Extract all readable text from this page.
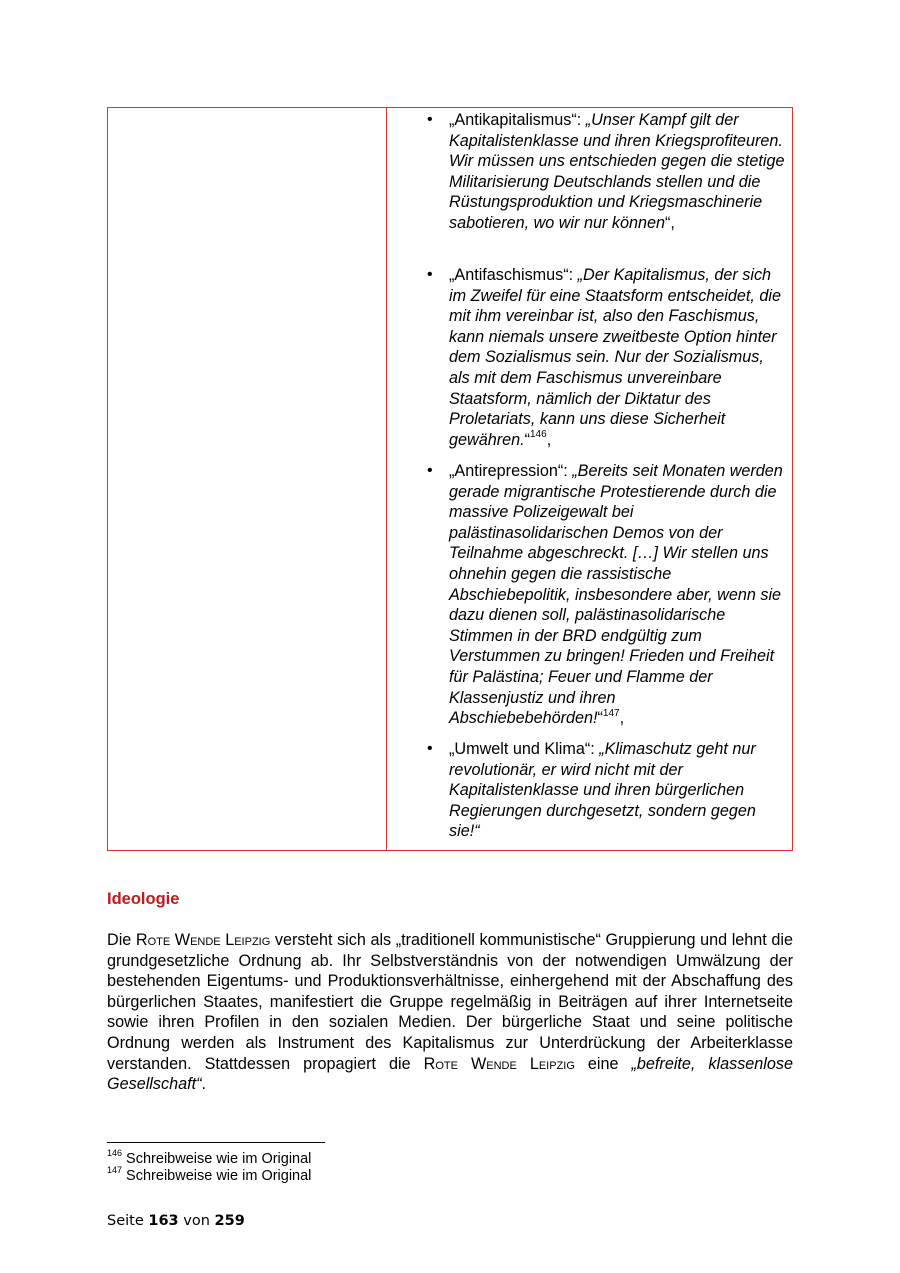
• „Antikapitalismus“: „Unser Kampf gilt der Kapitalistenklasse und ihren Kriegsprofiteuren. Wir müssen uns entschieden gegen die stetige Militarisierung Deutschlands stellen und die Rüstungsproduktion und Kriegsmaschinerie sabotieren, wo wir nur können“,
• „Antifaschismus“: „Der Kapitalismus, der sich im Zweifel für eine Staatsform entscheidet, die mit ihm vereinbar ist, also den Faschismus, kann niemals unsere zweitbeste Option hinter dem Sozialismus sein. Nur der Sozialismus, als mit dem Faschismus unvereinbare Staatsform, nämlich der Diktatur des Proletariats, kann uns diese Sicherheit gewähren.“$^{146}$,
• „Antirepression“: „Bereits seit Monaten werden gerade migrantische Protestierende durch die massive Polizeigewalt bei palästinasolidarischen Demos von der Teilnahme abgeschreckt. […] Wir stellen uns ohnehin gegen die rassistische Abschiebepolitik, insbesondere aber, wenn sie dazu dienen soll, palästinasolidarische Stimmen in der BRD endgültig zum Verstummen zu bringen! Frieden und Freiheit für Palästina; Feuer und Flamme der Klassenjustiz und ihren Abschiebebehörden!“$^{147}$,
• „Umwelt und Klima“: „Klimaschutz geht nur revolutionär, er wird nicht mit der Kapitalistenklasse und ihren bürgerlichen Regierungen durchgesetzt, sondern gegen sie!“
Ideologie

Die Rote Wende Leipzig versteht sich als „traditionell kommunistische“ Gruppierung und lehnt die grundgesetzliche Ordnung ab. Ihr Selbstverständnis von der notwendigen Umwälzung der bestehenden Eigentums- und Produktionsverhältnisse, einhergehend mit der Abschaffung des bürgerlichen Staates, manifestiert die Gruppe regelmäßig in Beiträgen auf ihrer Internetseite sowie ihren Profilen in den sozialen Medien. Der bürgerliche Staat und seine politische Ordnung werden als Instrument des Kapitalismus zur Unterdrückung der Arbeiterklasse verstanden. Stattdessen propagiert die Rote Wende Leipzig eine „befreite, klassenlose Gesellschaft“.

$^{146}$ Schreibweise wie im Original
$^{147}$ Schreibweise wie im Original
Seite 163 von 259
